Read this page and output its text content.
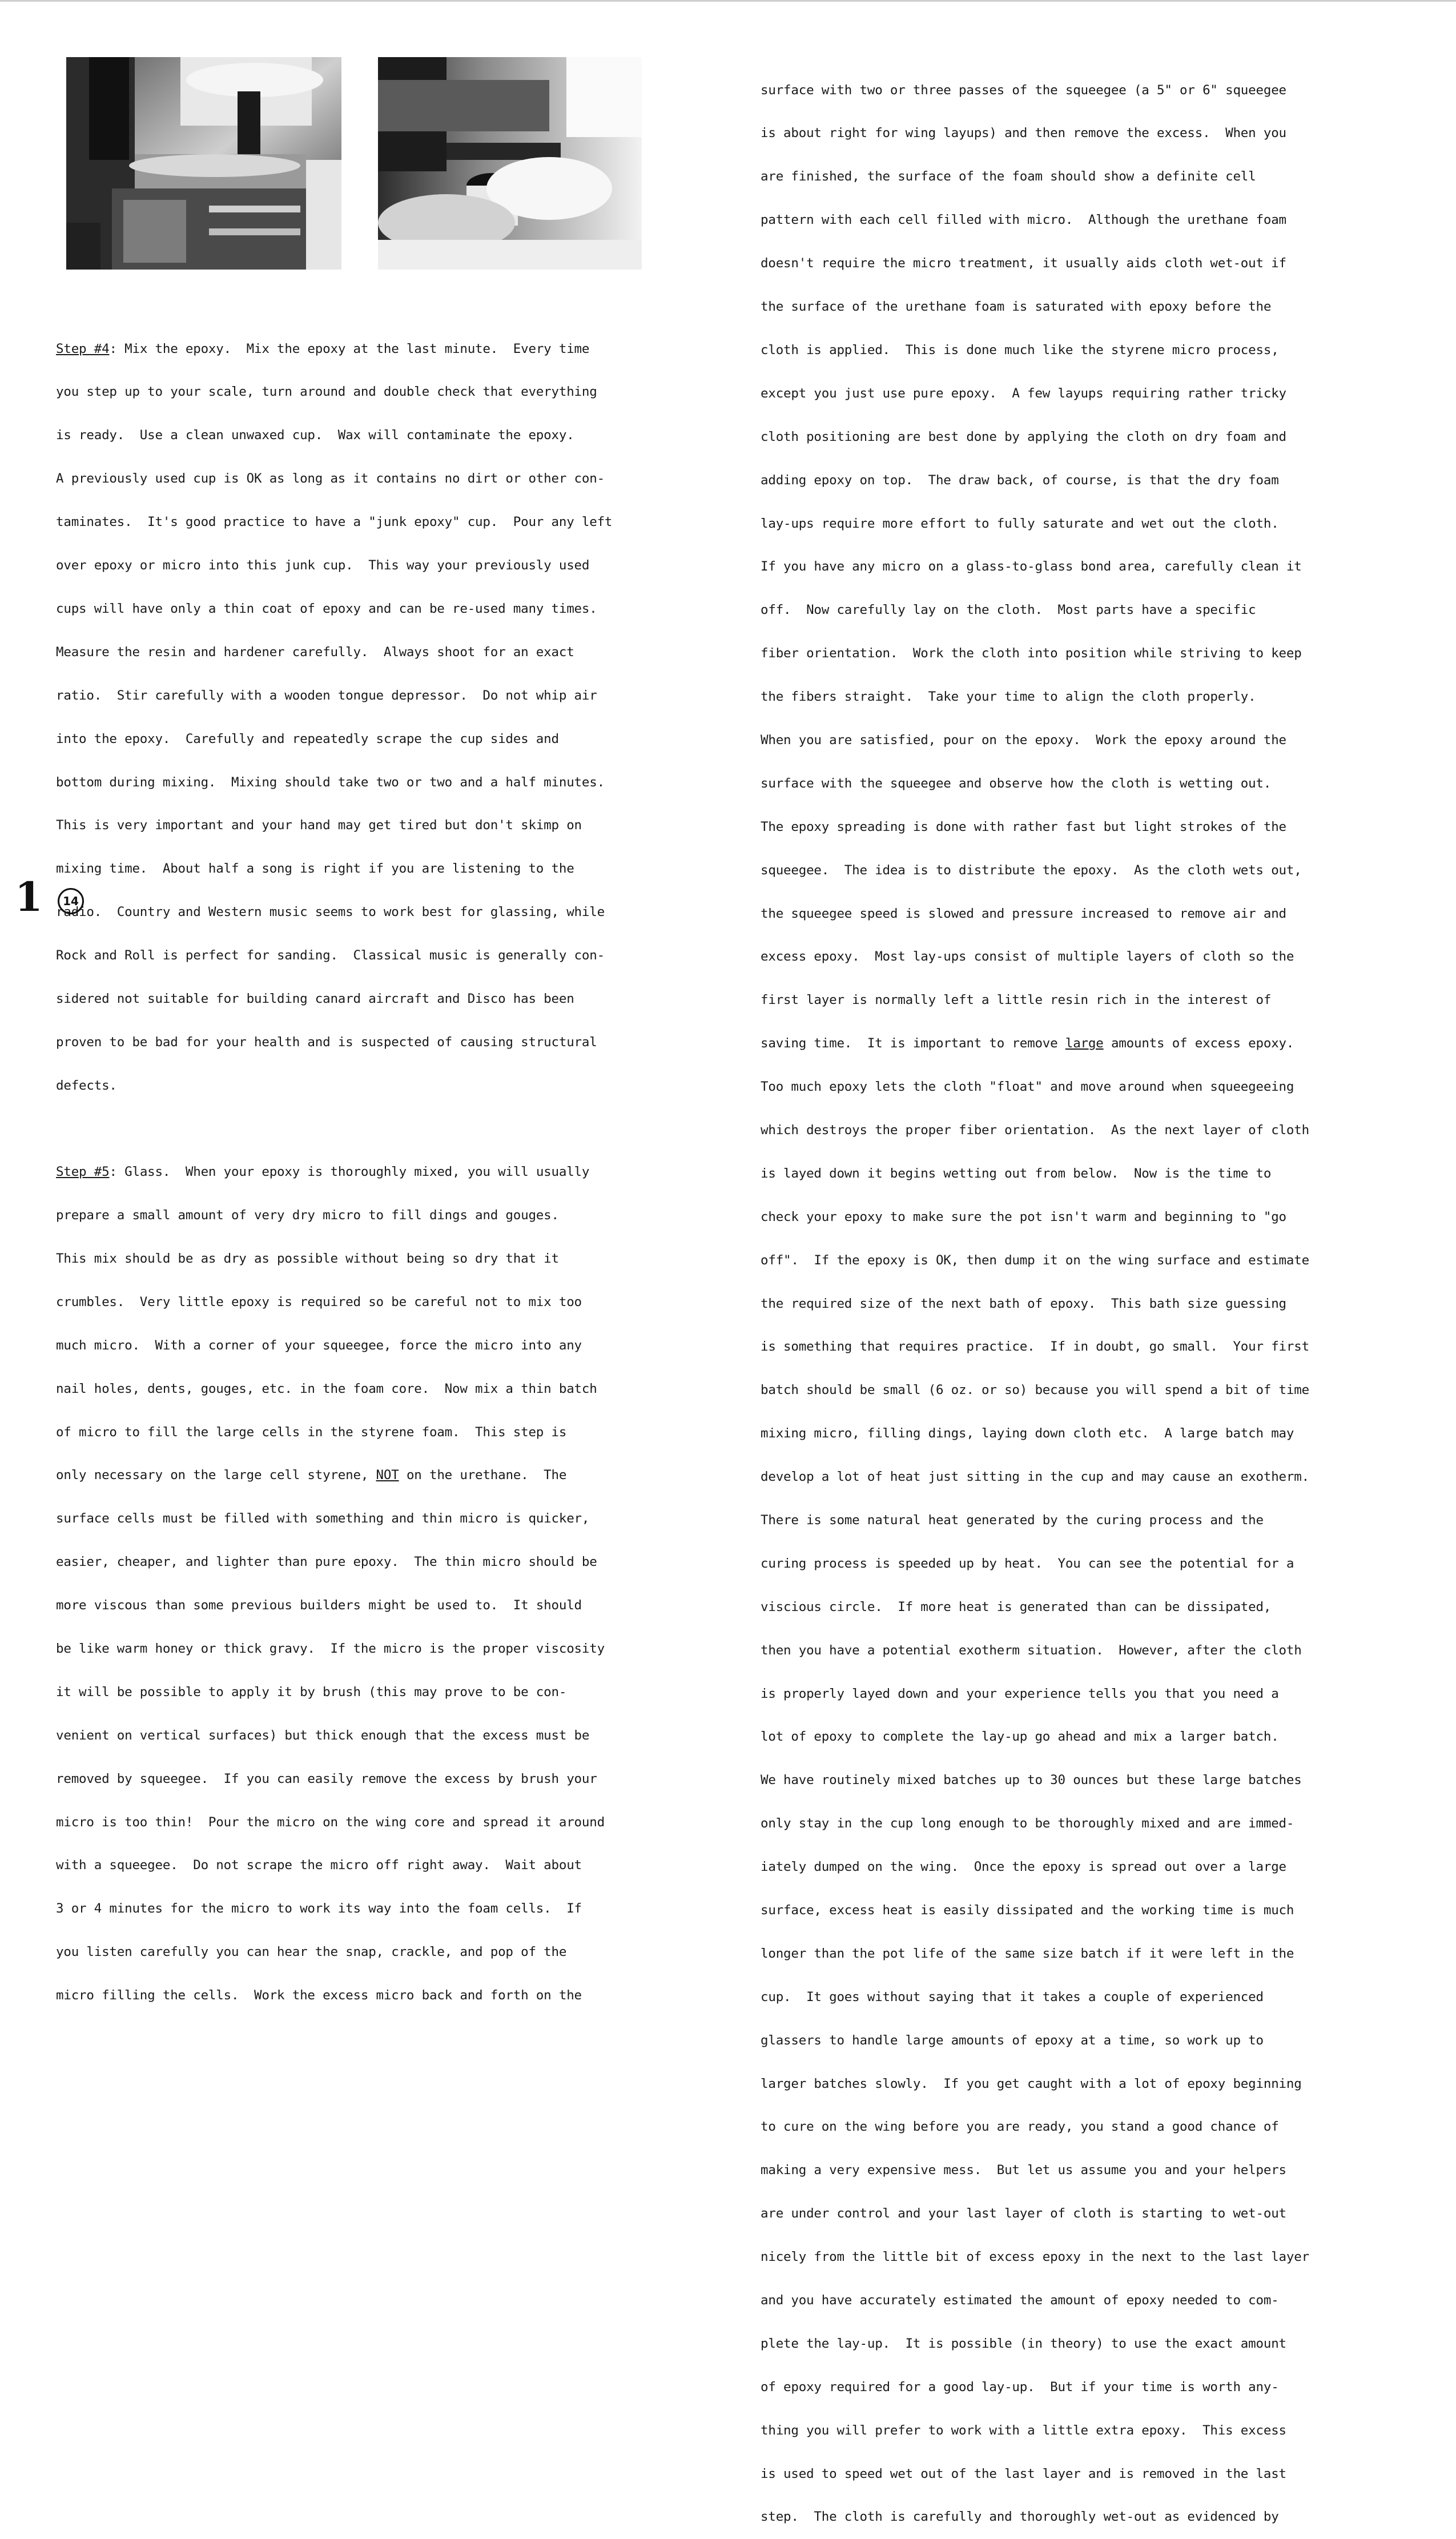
Step #4: Mix the epoxy.  Mix the epoxy at the last minute.  Every time

you step up to your scale, turn around and double check that everything

is ready.  Use a clean unwaxed cup.  Wax will contaminate the epoxy.

A previously used cup is OK as long as it contains no dirt or other con-

taminates.  It's good practice to have a "junk epoxy" cup.  Pour any left

over epoxy or micro into this junk cup.  This way your previously used

cups will have only a thin coat of epoxy and can be re-used many times.

Measure the resin and hardener carefully.  Always shoot for an exact

ratio.  Stir carefully with a wooden tongue depressor.  Do not whip air

into the epoxy.  Carefully and repeatedly scrape the cup sides and

bottom during mixing.  Mixing should take two or two and a half minutes.

This is very important and your hand may get tired but don't skimp on

mixing time.  About half a song is right if you are listening to the

radio.  Country and Western music seems to work best for glassing, while

Rock and Roll is perfect for sanding.  Classical music is generally con-

sidered not suitable for building canard aircraft and Disco has been

proven to be bad for your health and is suspected of causing structural

defects.

Step #5: Glass.  When your epoxy is thoroughly mixed, you will usually

prepare a small amount of very dry micro to fill dings and gouges.

This mix should be as dry as possible without being so dry that it

crumbles.  Very little epoxy is required so be careful not to mix too

much micro.  With a corner of your squeegee, force the micro into any

nail holes, dents, gouges, etc. in the foam core.  Now mix a thin batch

of micro to fill the large cells in the styrene foam.  This step is

only necessary on the large cell styrene, NOT on the urethane.  The

surface cells must be filled with something and thin micro is quicker,

easier, cheaper, and lighter than pure epoxy.  The thin micro should be

more viscous than some previous builders might be used to.  It should

be like warm honey or thick gravy.  If the micro is the proper viscosity

it will be possible to apply it by brush (this may prove to be con-

venient on vertical surfaces) but thick enough that the excess must be

removed by squeegee.  If you can easily remove the excess by brush your

micro is too thin!  Pour the micro on the wing core and spread it around

with a squeegee.  Do not scrape the micro off right away.  Wait about

3 or 4 minutes for the micro to work its way into the foam cells.  If

you listen carefully you can hear the snap, crackle, and pop of the

micro filling the cells.  Work the excess micro back and forth on the

surface with two or three passes of the squeegee (a 5" or 6" squeegee

is about right for wing layups) and then remove the excess.  When you

are finished, the surface of the foam should show a definite cell

pattern with each cell filled with micro.  Although the urethane foam

doesn't require the micro treatment, it usually aids cloth wet-out if

the surface of the urethane foam is saturated with epoxy before the

cloth is applied.  This is done much like the styrene micro process,

except you just use pure epoxy.  A few layups requiring rather tricky

cloth positioning are best done by applying the cloth on dry foam and

adding epoxy on top.  The draw back, of course, is that the dry foam

lay-ups require more effort to fully saturate and wet out the cloth.

If you have any micro on a glass-to-glass bond area, carefully clean it

off.  Now carefully lay on the cloth.  Most parts have a specific

fiber orientation.  Work the cloth into position while striving to keep

the fibers straight.  Take your time to align the cloth properly.

When you are satisfied, pour on the epoxy.  Work the epoxy around the

surface with the squeegee and observe how the cloth is wetting out.

The epoxy spreading is done with rather fast but light strokes of the

squeegee.  The idea is to distribute the epoxy.  As the cloth wets out,

the squeegee speed is slowed and pressure increased to remove air and

excess epoxy.  Most lay-ups consist of multiple layers of cloth so the

first layer is normally left a little resin rich in the interest of

saving time.  It is important to remove large amounts of excess epoxy.

Too much epoxy lets the cloth "float" and move around when squeegeeing

which destroys the proper fiber orientation.  As the next layer of cloth

is layed down it begins wetting out from below.  Now is the time to

check your epoxy to make sure the pot isn't warm and beginning to "go

off".  If the epoxy is OK, then dump it on the wing surface and estimate

the required size of the next bath of epoxy.  This bath size guessing

is something that requires practice.  If in doubt, go small.  Your first

batch should be small (6 oz. or so) because you will spend a bit of time

mixing micro, filling dings, laying down cloth etc.  A large batch may

develop a lot of heat just sitting in the cup and may cause an exotherm.

There is some natural heat generated by the curing process and the

curing process is speeded up by heat.  You can see the potential for a

viscious circle.  If more heat is generated than can be dissipated,

then you have a potential exotherm situation.  However, after the cloth

is properly layed down and your experience tells you that you need a

lot of epoxy to complete the lay-up go ahead and mix a larger batch.

We have routinely mixed batches up to 30 ounces but these large batches

only stay in the cup long enough to be thoroughly mixed and are immed-

iately dumped on the wing.  Once the epoxy is spread out over a large

surface, excess heat is easily dissipated and the working time is much

longer than the pot life of the same size batch if it were left in the

cup.  It goes without saying that it takes a couple of experienced

glassers to handle large amounts of epoxy at a time, so work up to

larger batches slowly.  If you get caught with a lot of epoxy beginning

to cure on the wing before you are ready, you stand a good chance of

making a very expensive mess.  But let us assume you and your helpers

are under control and your last layer of cloth is starting to wet-out

nicely from the little bit of excess epoxy in the next to the last layer

and you have accurately estimated the amount of epoxy needed to com-

plete the lay-up.  It is possible (in theory) to use the exact amount

of epoxy required for a good lay-up.  But if your time is worth any-

thing you will prefer to work with a little extra epoxy.  This excess

is used to speed wet out of the last layer and is removed in the last

step.  The cloth is carefully and thoroughly wet-out as evidenced by

1	14
